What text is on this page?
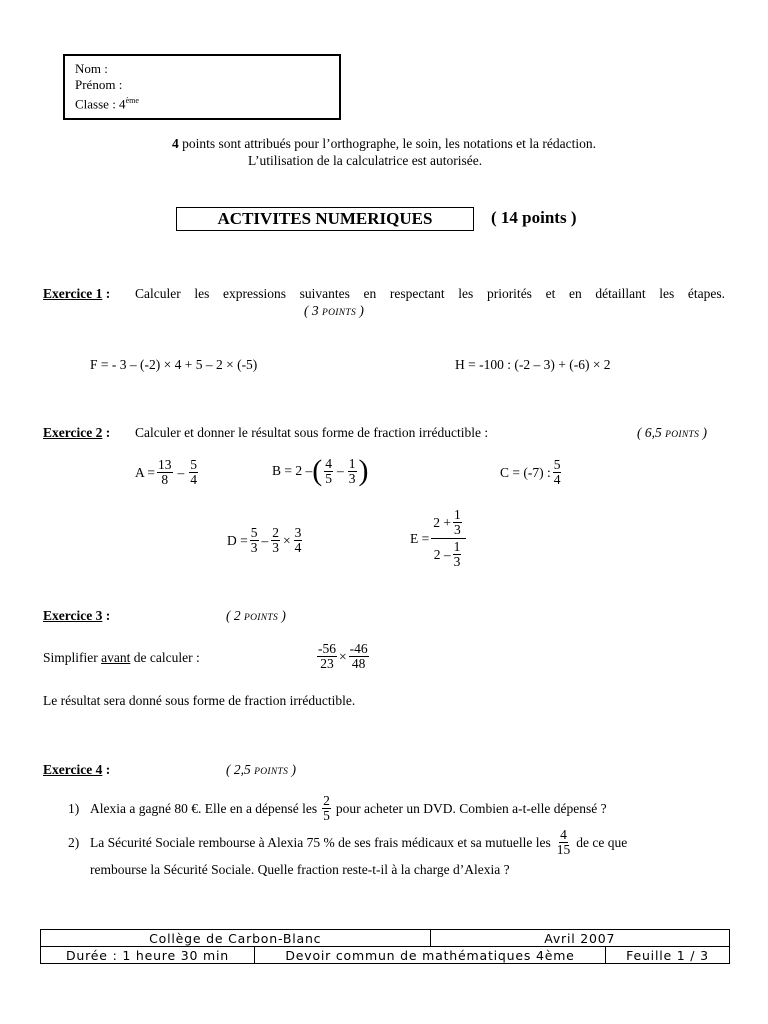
Nom :
Prénom :
Classe : 4ème
4 points sont attribués pour l’orthographe, le soin, les notations et la rédaction.
L’utilisation de la calculatrice est autorisée.
ACTIVITES NUMERIQUES	( 14 points )
Exercice 1 : Calculer les expressions suivantes en respectant les priorités et en détaillant les étapes.
( 3 POINTS )
F = - 3 – (-2) × 4 + 5 – 2 × (-5)	H = -100 : (-2 – 3) + (-6) × 2
Exercice 2 : Calculer et donner le résultat sous forme de fraction irréductible :	( 6,5 POINTS )
$A = \frac{13}{8} - \frac{5}{4}$	B = 2 – ( $\frac{4}{5} - \frac{1}{3}$ )	C = (-7) : $\frac{5}{4}$
$D = \frac{5}{3} - \frac{2}{3} \times \frac{3}{4}$	$E = \frac{2 + \frac{1}{3}}{2 - \frac{1}{3}}$
Exercice 3 :	( 2 POINTS )
Simplifier avant de calculer :	$\frac{-56}{23} \times \frac{-46}{48}$
Le résultat sera donné sous forme de fraction irréductible.
Exercice 4 :	( 2,5 POINTS )
1) Alexia a gagné 80 €. Elle en a dépensé les $\frac{2}{5}$ pour acheter un DVD. Combien a-t-elle dépensé ?
2) La Sécurité Sociale rembourse à Alexia 75 % de ses frais médicaux et sa mutuelle les $\frac{4}{15}$ de ce que
rembourse la Sécurité Sociale. Quelle fraction reste-t-il à la charge d’Alexia ?
Collège de Carbon-Blanc		Avril 2007	
Durée : 1 heure 30 min	Devoir commun de mathématiques 4ème		Feuille 1 / 3
